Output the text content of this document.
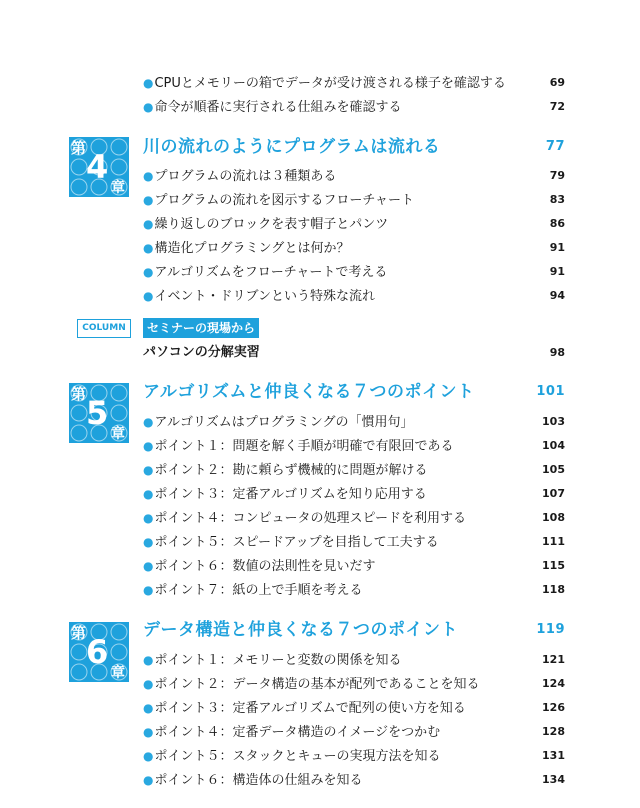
●CPUとメモリーの箱でデータが受け渡される様子を確認する	69
●命令が順番に実行される仕組みを確認する	72
第 4
章
川の流れのようにプログラムは流れる	77
●プログラムの流れは３種類ある	79
●プログラムの流れを図示するフローチャート	83
●繰り返しのブロックを表す帽子とパンツ	86
●構造化プログラミングとは何か？	91
●アルゴリズムをフローチャートで考える	91
●イベント・ドリブンという特殊な流れ	94
COLUMN	セミナーの現場から
パソコンの分解実習	98
第 5
章
アルゴリズムと仲良くなる７つのポイント	101
●アルゴリズムはプログラミングの「慣用句」	103
●ポイント１：問題を解く手順が明確で有限回である	104
●ポイント２：勘に頼らず機械的に問題が解ける	105
●ポイント３：定番アルゴリズムを知り応用する	107
●ポイント４：コンピュータの処理スピードを利用する	108
●ポイント５：スピードアップを目指して工夫する	111
●ポイント６：数値の法則性を見いだす	115
●ポイント７：紙の上で手順を考える	118
第 6
章
データ構造と仲良くなる７つのポイント	119
●ポイント１：メモリーと変数の関係を知る	121
●ポイント２：データ構造の基本が配列であることを知る	124
●ポイント３：定番アルゴリズムで配列の使い方を知る	126
●ポイント４：定番データ構造のイメージをつかむ	128
●ポイント５：スタックとキューの実現方法を知る	131
●ポイント６：構造体の仕組みを知る	134
